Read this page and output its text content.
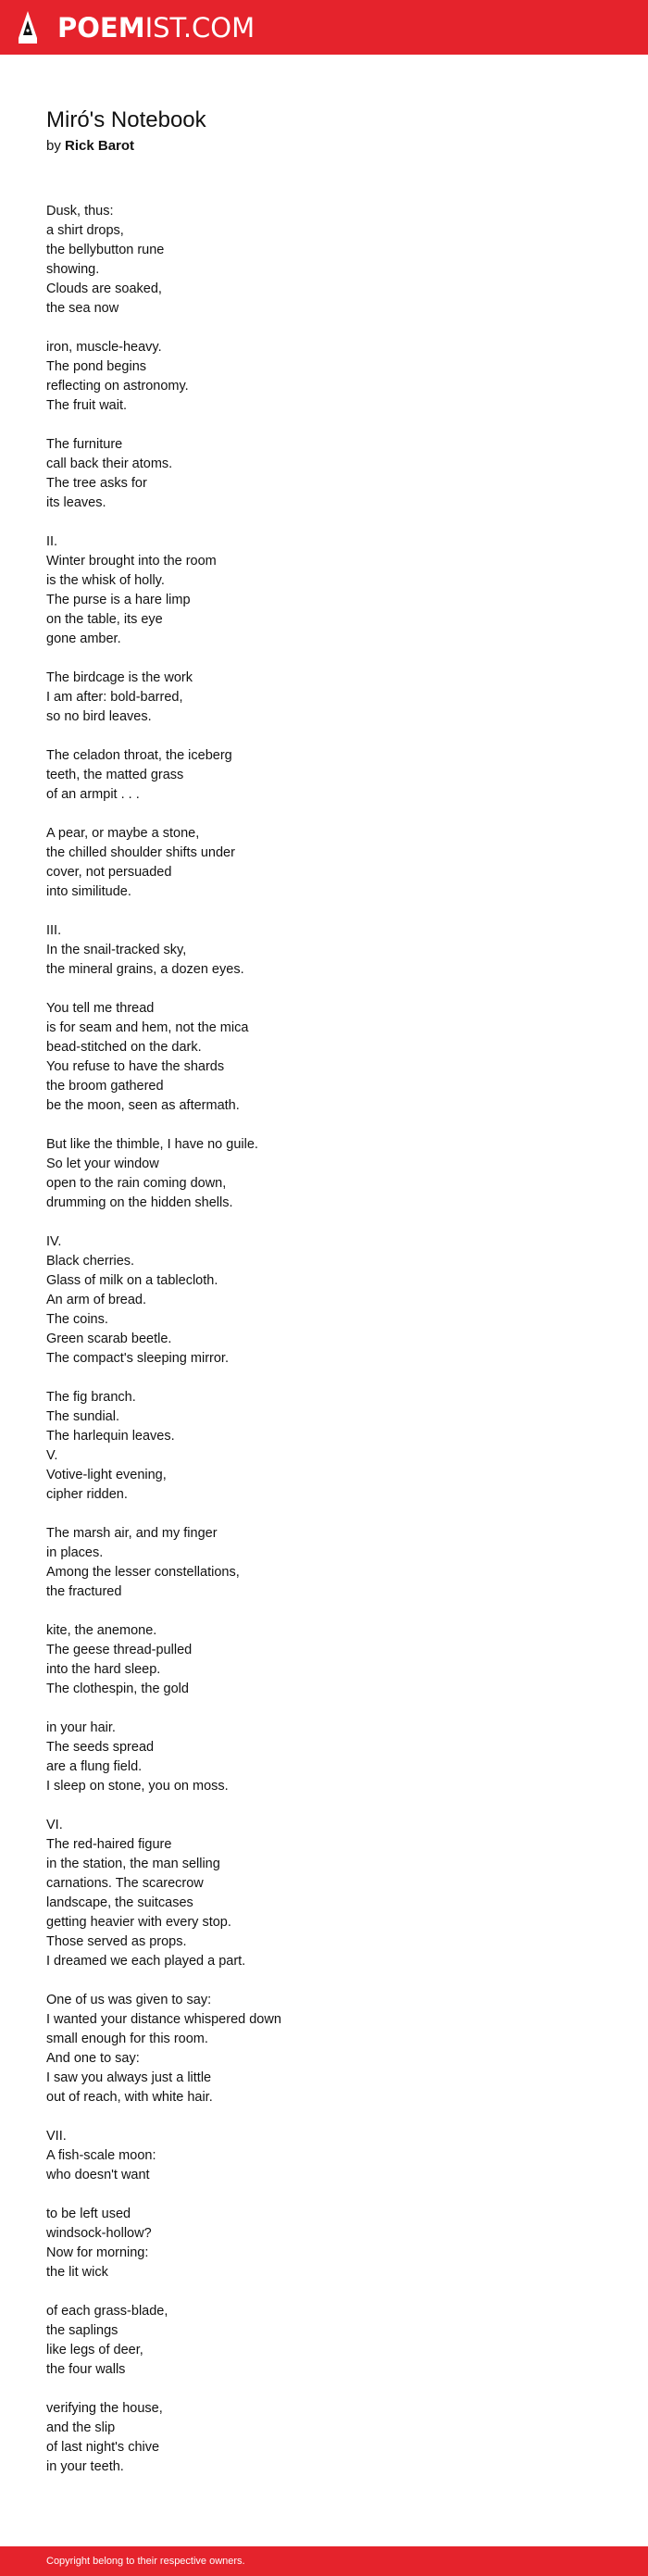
POEMIST.COM
Miró's Notebook
by Rick Barot
Dusk, thus:
a shirt drops,
the bellybutton rune
showing.
Clouds are soaked,
the sea now
iron, muscle-heavy.
The pond begins
reflecting on astronomy.
The fruit wait.
The furniture
call back their atoms.
The tree asks for
its leaves.
II.
Winter brought into the room
is the whisk of holly.
The purse is a hare limp
on the table, its eye
gone amber.
The birdcage is the work
I am after: bold-barred,
so no bird leaves.
The celadon throat, the iceberg
teeth, the matted grass
of an armpit . . .
A pear, or maybe a stone,
the chilled shoulder shifts under
cover, not persuaded
into similitude.
III.
In the snail-tracked sky,
the mineral grains, a dozen eyes.
You tell me thread
is for seam and hem, not the mica
bead-stitched on the dark.
You refuse to have the shards
the broom gathered
be the moon, seen as aftermath.
But like the thimble, I have no guile.
So let your window
open to the rain coming down,
drumming on the hidden shells.
IV.
Black cherries.
Glass of milk on a tablecloth.
An arm of bread.
The coins.
Green scarab beetle.
The compact's sleeping mirror.
The fig branch.
The sundial.
The harlequin leaves.
V.
Votive-light evening,
cipher ridden.
The marsh air, and my finger
in places.
Among the lesser constellations,
the fractured
kite, the anemone.
The geese thread-pulled
into the hard sleep.
The clothespin, the gold
in your hair.
The seeds spread
are a flung field.
I sleep on stone, you on moss.
VI.
The red-haired figure
in the station, the man selling
carnations. The scarecrow
landscape, the suitcases
getting heavier with every stop.
Those served as props.
I dreamed we each played a part.
One of us was given to say:
I wanted your distance whispered down
small enough for this room.
And one to say:
I saw you always just a little
out of reach, with white hair.
VII.
A fish-scale moon:
who doesn't want
to be left used
windsock-hollow?
Now for morning:
the lit wick
of each grass-blade,
the saplings
like legs of deer,
the four walls
verifying the house,
and the slip
of last night's chive
in your teeth.
Copyright belong to their respective owners.
